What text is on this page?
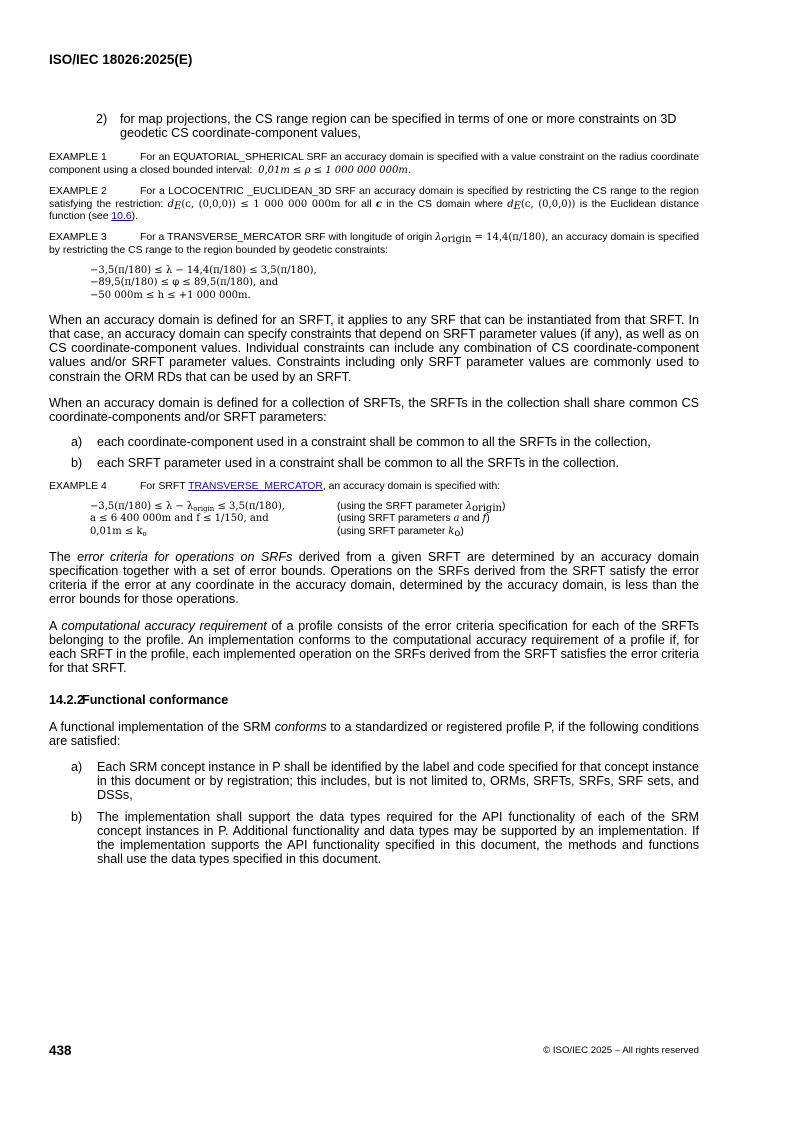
ISO/IEC 18026:2025(E)
2)	for map projections, the CS range region can be specified in terms of one or more constraints on 3D geodetic CS coordinate-component values,

EXAMPLE 1	For an EQUATORIAL_SPHERICAL SRF an accuracy domain is specified with a value constraint on the radius coordinate component using a closed bounded interval: 0,01m ≤ ρ ≤ 1 000 000 000m.

EXAMPLE 2	For a LOCOCENTRIC _EUCLIDEAN_3D SRF an accuracy domain is specified by restricting the CS range to the region satisfying the restriction: $d_E(c$, (0,0,0)) ≤ 1 000 000 000m for all c in the CS domain where $d_E(c$, (0,0,0)) is the Euclidean distance function (see 10.6).

EXAMPLE 3	For a TRANSVERSE_MERCATOR SRF with longitude of origin $\lambda_{origin} = 14,4(\pi/180)$, an accuracy domain is specified by restricting the CS range to the region bounded by geodetic constraints:

−3,5(π/180) ≤ λ − 14,4(π/180) ≤ 3,5(π/180),
−89,5(π/180) ≤ φ ≤ 89,5(π/180), and
−50 000m ≤ h ≤ +1 000 000m.

When an accuracy domain is defined for an SRFT, it applies to any SRF that can be instantiated from that SRFT. In that case, an accuracy domain can specify constraints that depend on SRFT parameter values (if any), as well as on CS coordinate-component values. Individual constraints can include any combination of CS coordinate-component values and/or SRFT parameter values. Constraints including only SRFT parameter values are commonly used to constrain the ORM RDs that can be used by an SRFT.

When an accuracy domain is defined for a collection of SRFTs, the SRFTs in the collection shall share common CS coordinate-components and/or SRFT parameters:

a)	each coordinate-component used in a constraint shall be common to all the SRFTs in the collection,
b)	each SRFT parameter used in a constraint shall be common to all the SRFTs in the collection.

EXAMPLE 4	For SRFT TRANSVERSE_MERCATOR, an accuracy domain is specified with:

$-3,5(\pi/180) \le \lambda - \lambda_{origin} \le 3,5(\pi/180)$,	(using the SRFT parameter $\lambda_{origin}$)
a ≤ 6 400 000m and f ≤ 1/150, and	(using SRFT parameters a and f)
$0,01m \le k_o$	(using SRFT parameter $k_o$)

The error criteria for operations on SRFs derived from a given SRFT are determined by an accuracy domain specification together with a set of error bounds. Operations on the SRFs derived from the SRFT satisfy the error criteria if the error at any coordinate in the accuracy domain, determined by the accuracy domain, is less than the error bounds for those operations.

A computational accuracy requirement of a profile consists of the error criteria specification for each of the SRFTs belonging to the profile. An implementation conforms to the computational accuracy requirement of a profile if, for each SRFT in the profile, each implemented operation on the SRFs derived from the SRFT satisfies the error criteria for that SRFT.

14.2.2Functional conformance

A functional implementation of the SRM conforms to a standardized or registered profile P, if the following conditions are satisfied:

a)	Each SRM concept instance in P shall be identified by the label and code specified for that concept instance in this document or by registration; this includes, but is not limited to, ORMs, SRFTs, SRFs, SRF sets, and DSSs,
b)	The implementation shall support the data types required for the API functionality of each of the SRM concept instances in P. Additional functionality and data types may be supported by an implementation. If the implementation supports the API functionality specified in this document, the methods and functions shall use the data types specified in this document.
438	© ISO/IEC 2025 – All rights reserved
